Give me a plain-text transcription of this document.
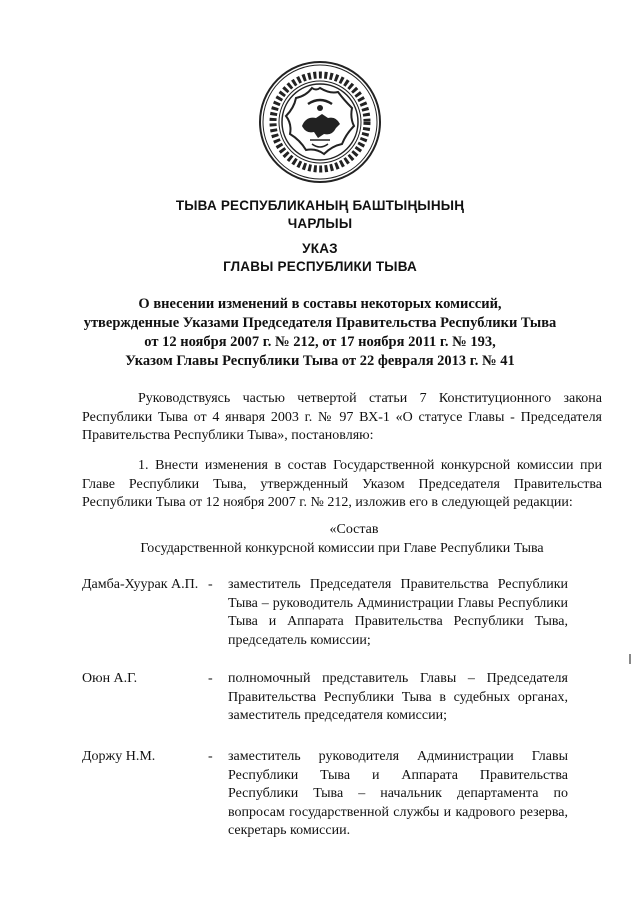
ТЫВА РЕСПУБЛИКАНЫҢ БАШТЫҢЫНЫҢ
ЧАРЛЫЫ
УКАЗ
ГЛАВЫ РЕСПУБЛИКИ ТЫВА
О внесении изменений в составы некоторых комиссий,
утвержденные Указами Председателя Правительства Республики Тыва
от 12 ноября 2007 г. № 212, от 17 ноября 2011 г. № 193,
Указом Главы Республики Тыва от 22 февраля 2013 г. № 41
Руководствуясь частью четвертой статьи 7 Конституционного закона Республики Тыва от 4 января 2003 г. № 97 ВХ-1 «О статусе Главы - Председателя Правительства Республики Тыва», постановляю:
1. Внести изменения в состав Государственной конкурсной комиссии при Главе Республики Тыва, утвержденный Указом Председателя Правительства Республики Тыва от 12 ноября 2007 г. № 212, изложив его в следующей редакции:
«Состав
Государственной конкурсной комиссии при Главе Республики Тыва
Дамба-Хуурак А.П. - заместитель Председателя Правительства Республики Тыва – руководитель Администрации Главы Республики Тыва и Аппарата Правительства Республики Тыва, председатель комиссии;
Оюн А.Г.	- полномочный представитель Главы – Председателя Правительства Республики Тыва в судебных органах, заместитель председателя комиссии;
Доржу Н.М.	- заместитель руководителя Администрации Главы Республики Тыва и Аппарата Правительства Республики Тыва – начальник департамента по вопросам государственной службы и кадрового резерва, секретарь комиссии.
